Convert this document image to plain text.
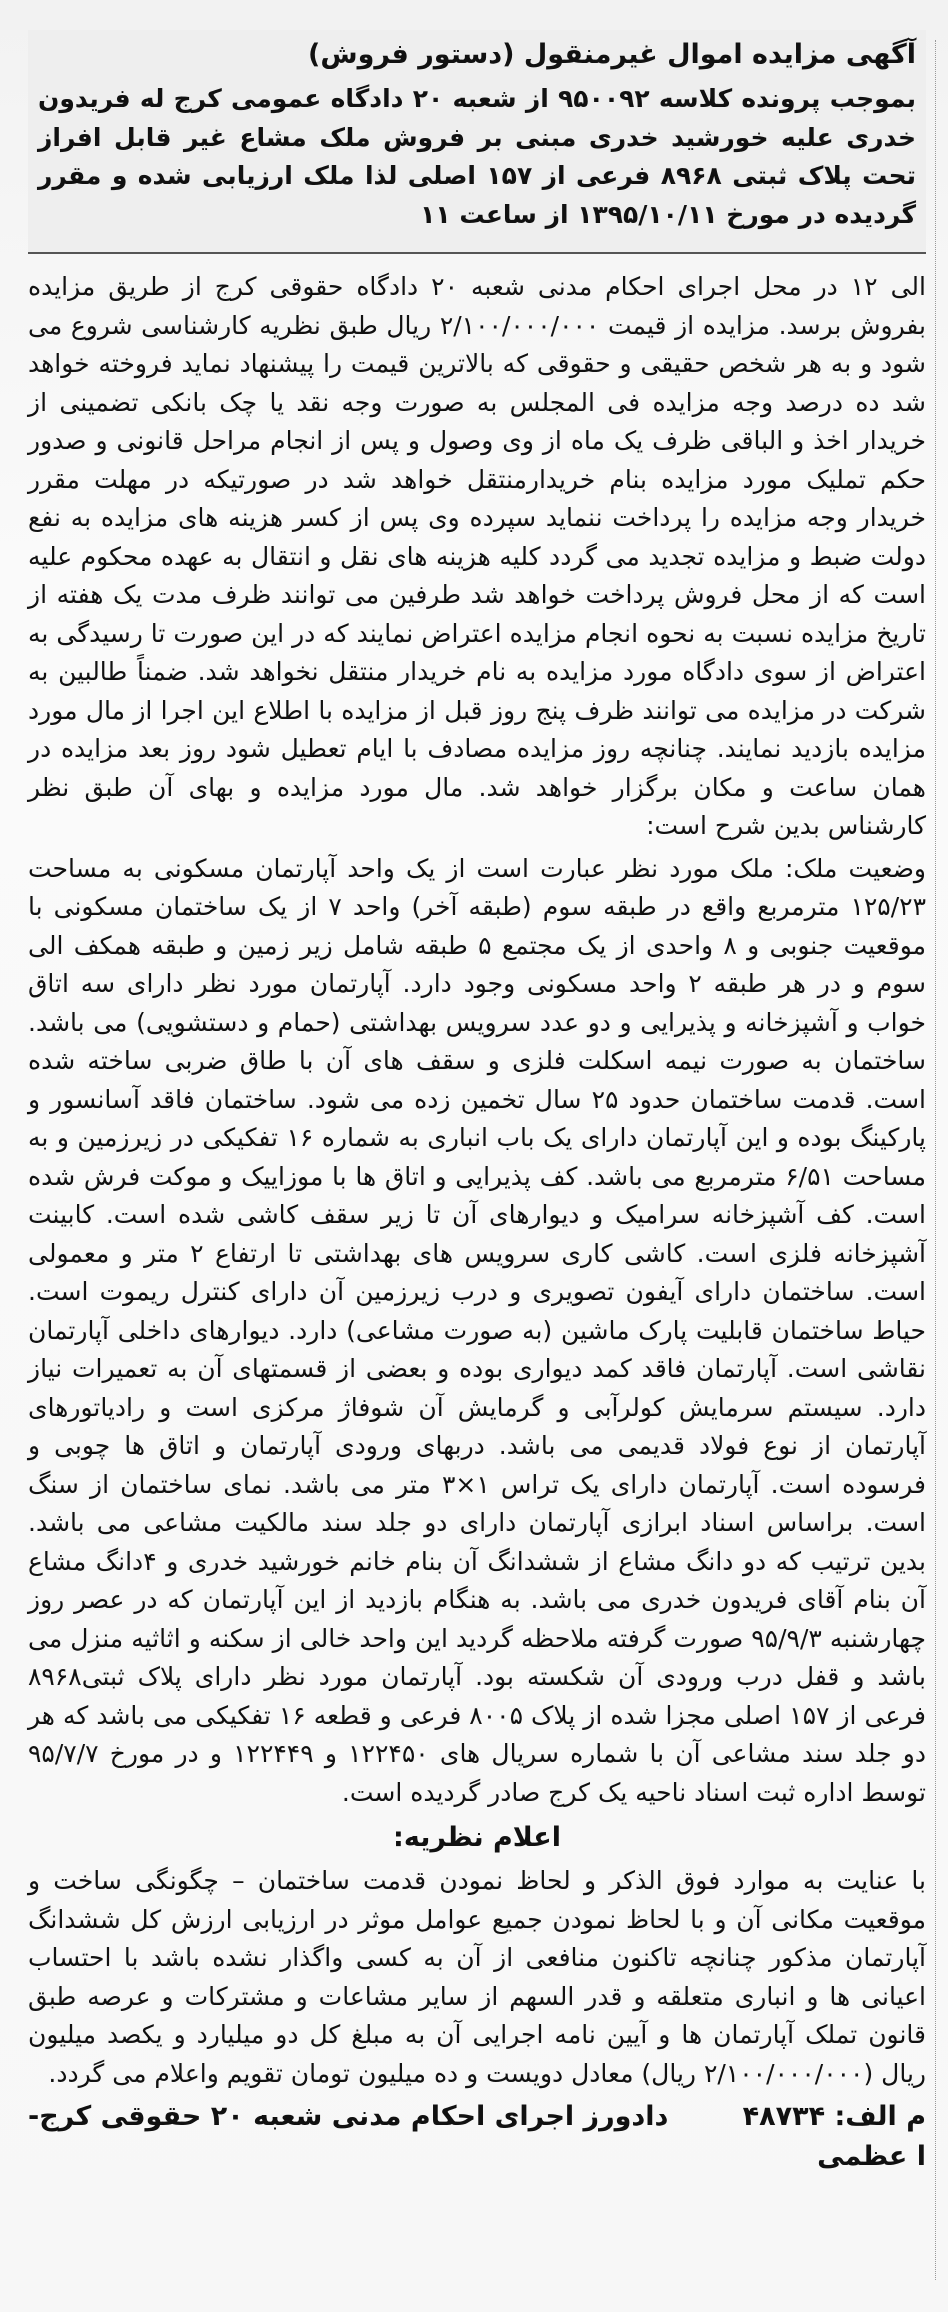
آگهی مزایده اموال غیرمنقول (دستور فروش)

بموجب پرونده کلاسه ۹۵۰۰۹۲ از شعبه ۲۰ دادگاه عمومی کرج له فریدون خدری علیه خورشید خدری مبنی بر فروش ملک مشاع غیر قابل افراز تحت پلاک ثبتی ۸۹۶۸ فرعی از ۱۵۷ اصلی لذا ملک ارزیابی شده و مقرر گردیده در مورخ ۱۳۹۵/۱۰/۱۱ از ساعت ۱۱

الی ۱۲ در محل اجرای احکام مدنی شعبه ۲۰ دادگاه حقوقی کرج از طریق مزایده بفروش برسد. مزایده از قیمت ۲/۱۰۰/۰۰۰/۰۰۰ ریال طبق نظریه کارشناسی شروع می شود و به هر شخص حقیقی و حقوقی که بالاترین قیمت را پیشنهاد نماید فروخته خواهد شد ده درصد وجه مزایده فی المجلس به صورت وجه نقد یا چک بانکی تضمینی از خریدار اخذ و الباقی ظرف یک ماه از وی وصول و پس از انجام مراحل قانونی و صدور حکم تملیک مورد مزایده بنام خریدارمنتقل خواهد شد در صورتیکه در مهلت مقرر خریدار وجه مزایده را پرداخت ننماید سپرده وی پس از کسر هزینه های مزایده به نفع دولت ضبط و مزایده تجدید می گردد کلیه هزینه های نقل و انتقال به عهده محکوم علیه است که از محل فروش پرداخت خواهد شد طرفین می توانند ظرف مدت یک هفته از تاریخ مزایده نسبت به نحوه انجام مزایده اعتراض نمایند که در این صورت تا رسیدگی به اعتراض از سوی دادگاه مورد مزایده به نام خریدار منتقل نخواهد شد. ضمناً طالبین به شرکت در مزایده می توانند ظرف پنج روز قبل از مزایده با اطلاع این اجرا از مال مورد مزایده بازدید نمایند. چنانچه روز مزایده مصادف با ایام تعطیل شود روز بعد مزایده در همان ساعت و مکان برگزار خواهد شد. مال مورد مزایده و بهای آن طبق نظر کارشناس بدین شرح است:

وضعیت ملک: ملک مورد نظر عبارت است از یک واحد آپارتمان مسکونی به مساحت ۱۲۵/۲۳ مترمربع واقع در طبقه سوم (طبقه آخر) واحد ۷ از یک ساختمان مسکونی با موقعیت جنوبی و ۸ واحدی از یک مجتمع ۵ طبقه شامل زیر زمین و طبقه همکف الی سوم و در هر طبقه ۲ واحد مسکونی وجود دارد. آپارتمان مورد نظر دارای سه اتاق خواب و آشپزخانه و پذیرایی و دو عدد سرویس بهداشتی (حمام و دستشویی) می باشد. ساختمان به صورت نیمه اسکلت فلزی و سقف های آن با طاق ضربی ساخته شده است. قدمت ساختمان حدود ۲۵ سال تخمین زده می شود. ساختمان فاقد آسانسور و پارکینگ بوده و این آپارتمان دارای یک باب انباری به شماره ۱۶ تفکیکی در زیرزمین و به مساحت ۶/۵۱ مترمربع می باشد. کف پذیرایی و اتاق ها با موزاییک و موکت فرش شده است. کف آشپزخانه سرامیک و دیوارهای آن تا زیر سقف کاشی شده است. کابینت آشپزخانه فلزی است. کاشی کاری سرویس های بهداشتی تا ارتفاع ۲ متر و معمولی است. ساختمان دارای آیفون تصویری و درب زیرزمین آن دارای کنترل ریموت است. حیاط ساختمان قابلیت پارک ماشین (به صورت مشاعی) دارد. دیوارهای داخلی آپارتمان نقاشی است. آپارتمان فاقد کمد دیواری بوده و بعضی از قسمتهای آن به تعمیرات نیاز دارد. سیستم سرمایش کولرآبی و گرمایش آن شوفاژ مرکزی است و رادیاتورهای آپارتمان از نوع فولاد قدیمی می باشد. دربهای ورودی آپارتمان و اتاق ها چوبی و فرسوده است. آپارتمان دارای یک تراس ۱×۳ متر می باشد. نمای ساختمان از سنگ است. براساس اسناد ابرازی آپارتمان دارای دو جلد سند مالکیت مشاعی می باشد. بدین ترتیب که دو دانگ مشاع از ششدانگ آن بنام خانم خورشید خدری و ۴دانگ مشاع آن بنام آقای فریدون خدری می باشد. به هنگام بازدید از این آپارتمان که در عصر روز چهارشنبه ۹۵/۹/۳ صورت گرفته ملاحظه گردید این واحد خالی از سکنه و اثاثیه منزل می باشد و قفل درب ورودی آن شکسته بود. آپارتمان مورد نظر دارای پلاک ثبتی۸۹۶۸ فرعی از ۱۵۷ اصلی مجزا شده از پلاک ۸۰۰۵ فرعی و قطعه ۱۶ تفکیکی می باشد که هر دو جلد سند مشاعی آن با شماره سریال های ۱۲۲۴۵۰ و ۱۲۲۴۴۹ و در مورخ ۹۵/۷/۷ توسط اداره ثبت اسناد ناحیه یک کرج صادر گردیده است.

اعلام نظریه:

با عنایت به موارد فوق الذکر و لحاظ نمودن قدمت ساختمان – چگونگی ساخت و موقعیت مکانی آن و با لحاظ نمودن جمیع عوامل موثر در ارزیابی ارزش کل ششدانگ آپارتمان مذکور چنانچه تاکنون منافعی از آن به کسی واگذار نشده باشد با احتساب اعیانی ها و انباری متعلقه و قدر السهم از سایر مشاعات و مشترکات و عرصه طبق قانون تملک آپارتمان ها و آیین نامه اجرایی آن به مبلغ کل دو میلیارد و یکصد میلیون ریال (۲/۱۰۰/۰۰۰/۰۰۰ ریال) معادل دویست و ده میلیون تومان تقویم واعلام می گردد.

م الف: ۴۸۷۳۴
دادورز اجرای احکام مدنی شعبه ۲۰ حقوقی کرج-
ا عظمی
